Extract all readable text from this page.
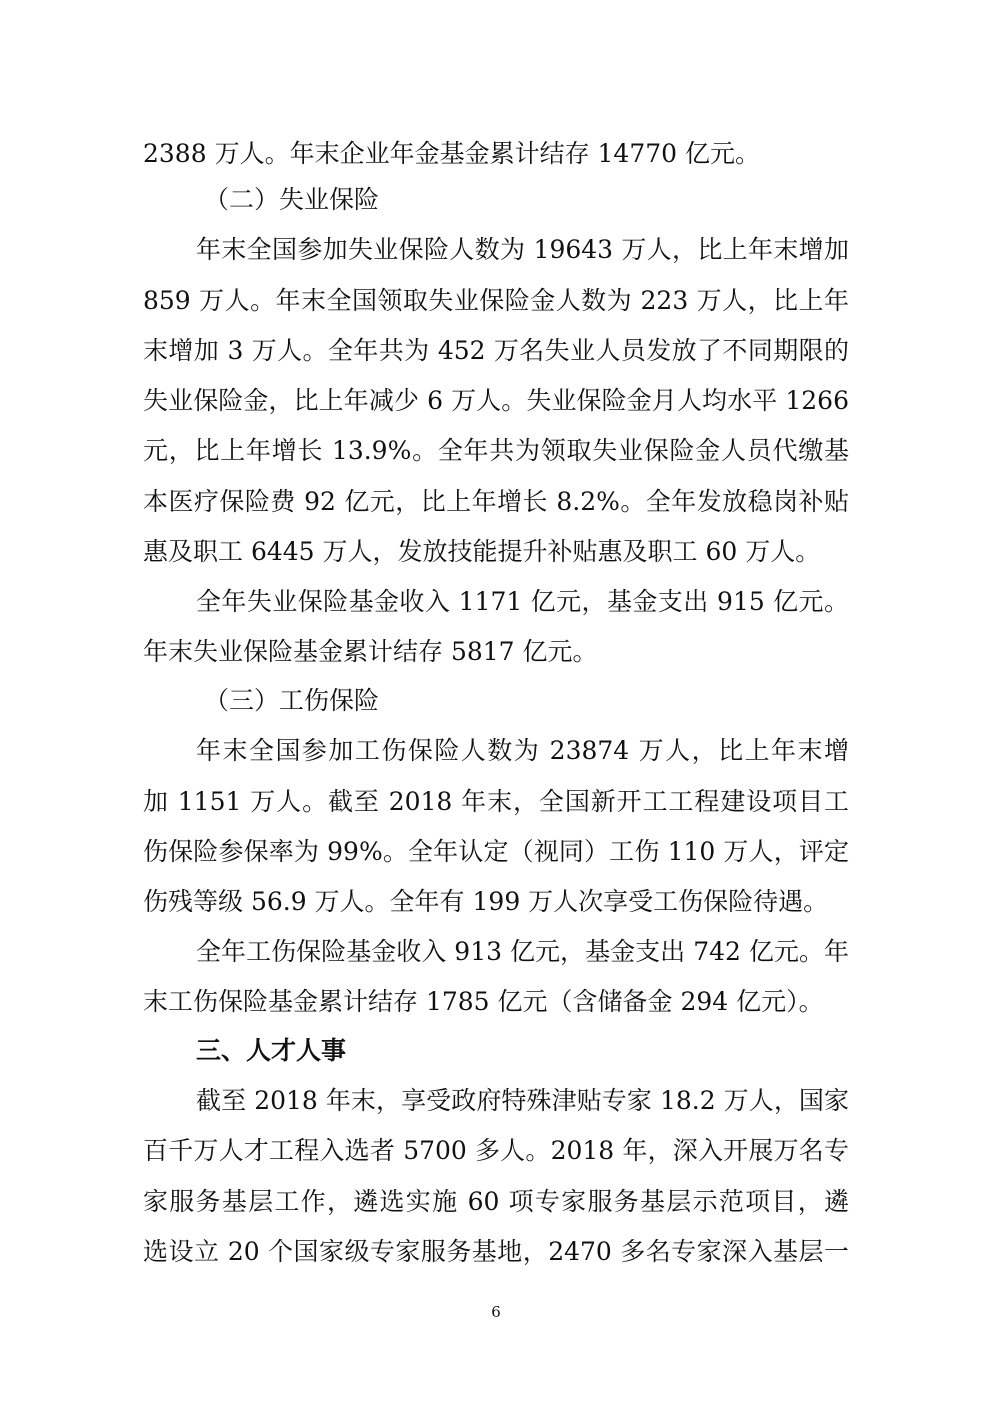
2388 万人。年末企业年金基金累计结存 14770 亿元。
（二）失业保险
年末全国参加失业保险人数为 19643 万人，比上年末增加
859 万人。年末全国领取失业保险金人数为 223 万人，比上年
末增加 3 万人。全年共为 452 万名失业人员发放了不同期限的
失业保险金，比上年减少 6 万人。失业保险金月人均水平 1266
元，比上年增长 13.9%。全年共为领取失业保险金人员代缴基
本医疗保险费 92 亿元，比上年增长 8.2%。全年发放稳岗补贴
惠及职工 6445 万人，发放技能提升补贴惠及职工 60 万人。
全年失业保险基金收入 1171 亿元，基金支出 915 亿元。
年末失业保险基金累计结存 5817 亿元。
（三）工伤保险
年末全国参加工伤保险人数为 23874 万人，比上年末增
加 1151 万人。截至 2018 年末，全国新开工工程建设项目工
伤保险参保率为 99%。全年认定（视同）工伤 110 万人，评定
伤残等级 56.9 万人。全年有 199 万人次享受工伤保险待遇。
全年工伤保险基金收入 913 亿元，基金支出 742 亿元。年
末工伤保险基金累计结存 1785 亿元（含储备金 294 亿元）。
三、人才人事
截至 2018 年末，享受政府特殊津贴专家 18.2 万人，国家
百千万人才工程入选者 5700 多人。2018 年，深入开展万名专
家服务基层工作，遴选实施 60 项专家服务基层示范项目，遴
选设立 20 个国家级专家服务基地，2470 多名专家深入基层一
6
